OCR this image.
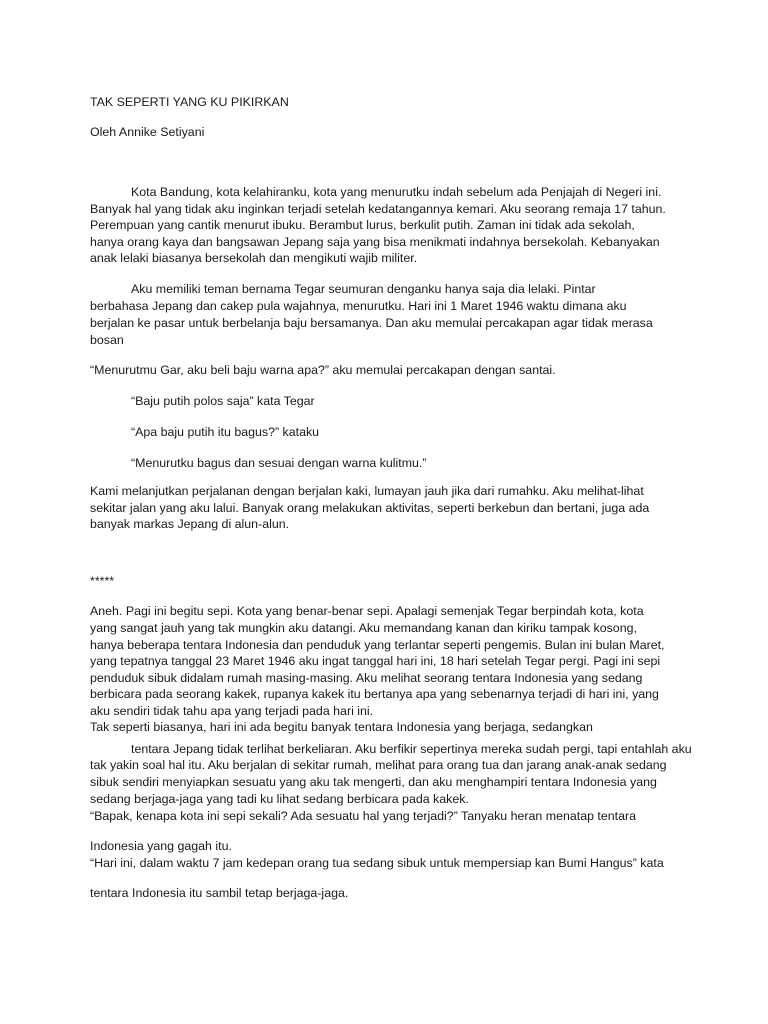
TAK SEPERTI YANG KU PIKIRKAN
Oleh Annike Setiyani
Kota Bandung, kota kelahiranku, kota yang menurutku indah sebelum ada Penjajah di Negeri ini.
Banyak hal yang tidak aku inginkan terjadi setelah kedatangannya kemari. Aku seorang remaja 17 tahun.
Perempuan yang cantik menurut ibuku. Berambut lurus, berkulit putih. Zaman ini tidak ada sekolah,
hanya orang kaya dan bangsawan Jepang saja yang bisa menikmati indahnya bersekolah. Kebanyakan
anak lelaki biasanya bersekolah dan mengikuti wajib militer.
Aku memiliki teman bernama Tegar seumuran denganku hanya saja dia lelaki. Pintar
berbahasa Jepang dan cakep pula wajahnya, menurutku. Hari ini 1 Maret 1946 waktu dimana aku
berjalan ke pasar untuk berbelanja baju bersamanya. Dan aku memulai percakapan agar tidak merasa
bosan
“Menurutmu Gar, aku beli baju warna apa?” aku memulai percakapan dengan santai.
“Baju putih polos saja” kata Tegar
“Apa baju putih itu bagus?” kataku
“Menurutku bagus dan sesuai dengan warna kulitmu.”
Kami melanjutkan perjalanan dengan berjalan kaki, lumayan jauh jika dari rumahku. Aku melihat-lihat
sekitar jalan yang aku lalui. Banyak orang melakukan aktivitas, seperti berkebun dan bertani, juga ada
banyak markas Jepang di alun-alun.
*****
Aneh. Pagi ini begitu sepi. Kota yang benar-benar sepi. Apalagi semenjak Tegar berpindah kota, kota
yang sangat jauh yang tak mungkin aku datangi. Aku memandang kanan dan kiriku tampak kosong,
hanya beberapa tentara Indonesia dan penduduk yang terlantar seperti pengemis. Bulan ini bulan Maret,
yang tepatnya tanggal 23 Maret 1946 aku ingat tanggal hari ini, 18 hari setelah Tegar pergi. Pagi ini sepi
penduduk sibuk didalam rumah masing-masing. Aku melihat seorang tentara Indonesia yang sedang
berbicara pada seorang kakek, rupanya kakek itu bertanya apa yang sebenarnya terjadi di hari ini, yang
aku sendiri tidak tahu apa yang terjadi pada hari ini.
Tak seperti biasanya, hari ini ada begitu banyak tentara Indonesia yang berjaga, sedangkan
tentara Jepang tidak terlihat berkeliaran. Aku berfikir sepertinya mereka sudah pergi, tapi entahlah aku
tak yakin soal hal itu. Aku berjalan di sekitar rumah, melihat para orang tua dan jarang anak-anak sedang
sibuk sendiri menyiapkan sesuatu yang aku tak mengerti, dan aku menghampiri tentara Indonesia yang
sedang berjaga-jaga yang tadi ku lihat sedang berbicara pada kakek.
“Bapak, kenapa kota ini sepi sekali? Ada sesuatu hal yang terjadi?” Tanyaku heran menatap tentara
Indonesia yang gagah itu.
“Hari ini, dalam waktu 7 jam kedepan orang tua sedang sibuk untuk mempersiap kan Bumi Hangus” kata
tentara Indonesia itu sambil tetap berjaga-jaga.
